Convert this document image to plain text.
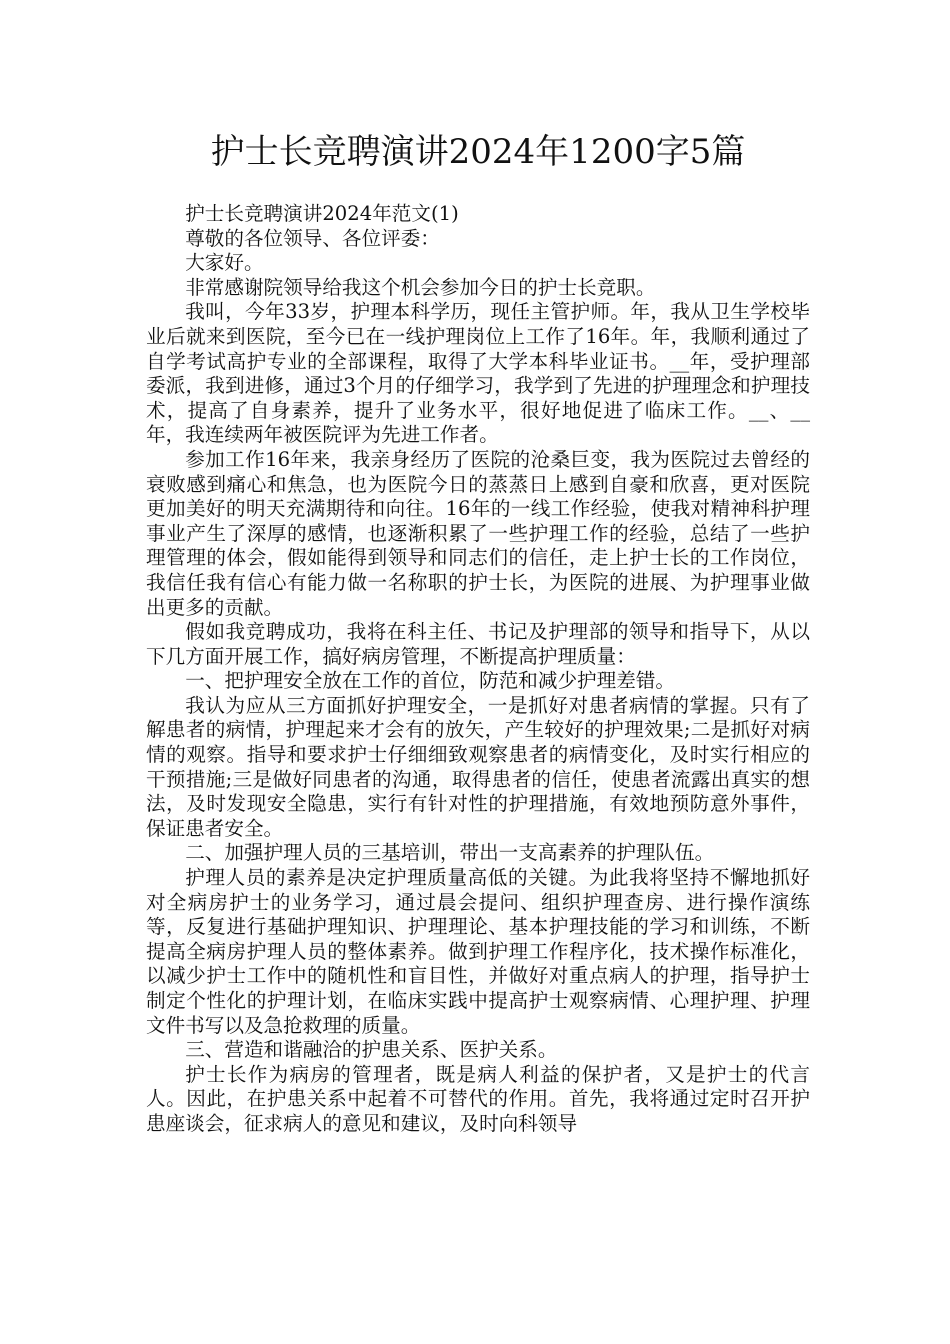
护士长竞聘演讲2024年1200字5篇

护士长竞聘演讲2024年范文(1)

尊敬的各位领导、各位评委：

大家好。

非常感谢院领导给我这个机会参加今日的护士长竞职。

我叫，今年33岁，护理本科学历，现任主管护师。年，我从卫生学校毕业后就来到医院，至今已在一线护理岗位上工作了16年。年，我顺利通过了自学考试高护专业的全部课程，取得了大学本科毕业证书。__年，受护理部委派，我到进修，通过3个月的仔细学习，我学到了先进的护理理念和护理技术，提高了自身素养，提升了业务水平，很好地促进了临床工作。__、__年，我连续两年被医院评为先进工作者。

参加工作16年来，我亲身经历了医院的沧桑巨变，我为医院过去曾经的衰败感到痛心和焦急，也为医院今日的蒸蒸日上感到自豪和欣喜，更对医院更加美好的明天充满期待和向往。16年的一线工作经验，使我对精神科护理事业产生了深厚的感情，也逐渐积累了一些护理工作的经验，总结了一些护理管理的体会，假如能得到领导和同志们的信任，走上护士长的工作岗位，我信任我有信心有能力做一名称职的护士长，为医院的进展、为护理事业做出更多的贡献。

假如我竞聘成功，我将在科主任、书记及护理部的领导和指导下，从以下几方面开展工作，搞好病房管理，不断提高护理质量：

一、把护理安全放在工作的首位，防范和减少护理差错。

我认为应从三方面抓好护理安全，一是抓好对患者病情的掌握。只有了解患者的病情，护理起来才会有的放矢，产生较好的护理效果;二是抓好对病情的观察。指导和要求护士仔细细致观察患者的病情变化，及时实行相应的干预措施;三是做好同患者的沟通，取得患者的信任，使患者流露出真实的想法，及时发现安全隐患，实行有针对性的护理措施，有效地预防意外事件，保证患者安全。

二、加强护理人员的三基培训，带出一支高素养的护理队伍。

护理人员的素养是决定护理质量高低的关键。为此我将坚持不懈地抓好对全病房护士的业务学习，通过晨会提问、组织护理查房、进行操作演练等，反复进行基础护理知识、护理理论、基本护理技能的学习和训练，不断提高全病房护理人员的整体素养。做到护理工作程序化，技术操作标准化，以减少护士工作中的随机性和盲目性，并做好对重点病人的护理，指导护士制定个性化的护理计划，在临床实践中提高护士观察病情、心理护理、护理文件书写以及急抢救理的质量。

三、营造和谐融洽的护患关系、医护关系。

护士长作为病房的管理者，既是病人利益的保护者，又是护士的代言人。因此，在护患关系中起着不可替代的作用。首先，我将通过定时召开护患座谈会，征求病人的意见和建议，及时向科领导
